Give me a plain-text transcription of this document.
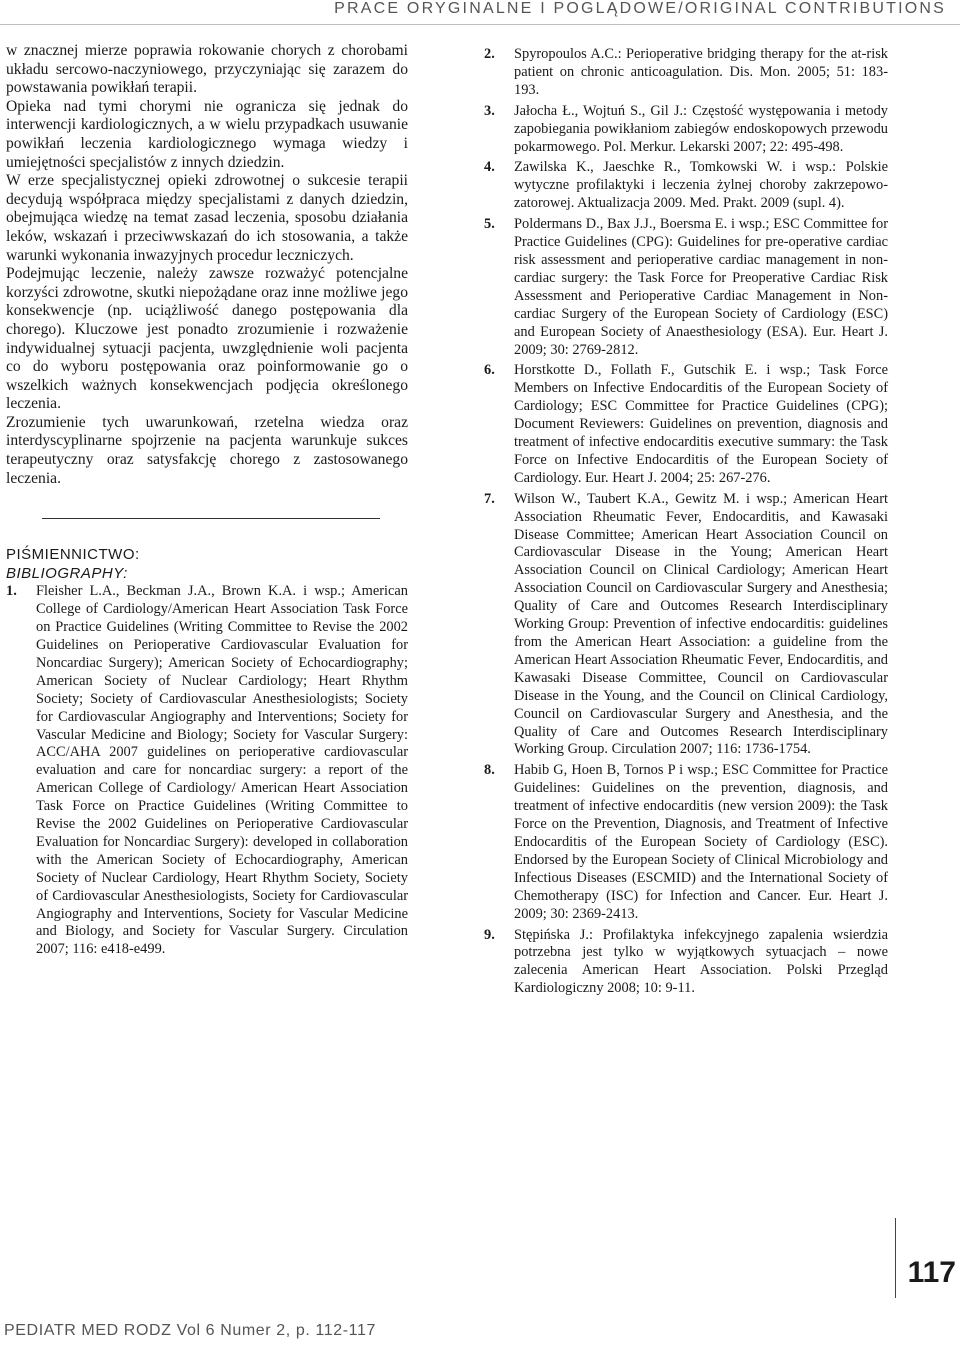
PRACE ORYGINALNE I POGLĄDOWE/ORIGINAL CONTRIBUTIONS

w znacznej mierze poprawia rokowanie chorych z chorobami układu sercowo-naczyniowego, przyczyniając się zarazem do powstawania powikłań terapii.

Opieka nad tymi chorymi nie ogranicza się jednak do interwencji kardiologicznych, a w wielu przypadkach usuwanie powikłań leczenia kardiologicznego wymaga wiedzy i umiejętności specjalistów z innych dziedzin.

W erze specjalistycznej opieki zdrowotnej o sukcesie terapii decydują współpraca między specjalistami z danych dziedzin, obejmująca wiedzę na temat zasad leczenia, sposobu działania leków, wskazań i przeciwwskazań do ich stosowania, a także warunki wykonania inwazyjnych procedur leczniczych.

Podejmując leczenie, należy zawsze rozważyć potencjalne korzyści zdrowotne, skutki niepożądane oraz inne możliwe jego konsekwencje (np. uciążliwość danego postępowania dla chorego). Kluczowe jest ponadto zrozumienie i rozważenie indywidualnej sytuacji pacjenta, uwzględnienie woli pacjenta co do wyboru postępowania oraz poinformowanie go o wszelkich ważnych konsekwencjach podjęcia określonego leczenia.

Zrozumienie tych uwarunkowań, rzetelna wiedza oraz interdyscyplinarne spojrzenie na pacjenta warunkuje sukces terapeutyczny oraz satysfakcję chorego z zastosowanego leczenia.

PIŚMIENNICTWO:
BIBLIOGRAPHY:
1.	Fleisher L.A., Beckman J.A., Brown K.A. i wsp.; American College of Cardiology/American Heart Association Task Force on Practice Guidelines (Writing Committee to Revise the 2002 Guidelines on Perioperative Cardiovascular Evaluation for Noncardiac Surgery); American Society of Echocardiography; American Society of Nuclear Cardiology; Heart Rhythm Society; Society of Cardiovascular Anesthesiologists; Society for Cardiovascular Angiography and Interventions; Society for Vascular Medicine and Biology; Society for Vascular Surgery: ACC/AHA 2007 guidelines on perioperative cardiovascular evaluation and care for noncardiac surgery: a report of the American College of Cardiology/ American Heart Association Task Force on Practice Guidelines (Writing Committee to Revise the 2002 Guidelines on Perioperative Cardiovascular Evaluation for Noncardiac Surgery): developed in collaboration with the American Society of Echocardiography, American Society of Nuclear Cardiology, Heart Rhythm Society, Society of Cardiovascular Anesthesiologists, Society for Cardiovascular Angiography and Interventions, Society for Vascular Medicine and Biology, and Society for Vascular Surgery. Circulation 2007; 116: e418-e499.
2.	Spyropoulos A.C.: Perioperative bridging therapy for the at-risk patient on chronic anticoagulation. Dis. Mon. 2005; 51: 183-193.
3.	Jałocha Ł., Wojtuń S., Gil J.: Częstość występowania i metody zapobiegania powikłaniom zabiegów endoskopowych przewodu pokarmowego. Pol. Merkur. Lekarski 2007; 22: 495-498.
4.	Zawilska K., Jaeschke R., Tomkowski W. i wsp.: Polskie wytyczne profilaktyki i leczenia żylnej choroby zakrzepowo-zatorowej. Aktualizacja 2009. Med. Prakt. 2009 (supl. 4).
5.	Poldermans D., Bax J.J., Boersma E. i wsp.; ESC Committee for Practice Guidelines (CPG): Guidelines for pre-operative cardiac risk assessment and perioperative cardiac management in non-cardiac surgery: the Task Force for Preoperative Cardiac Risk Assessment and Perioperative Cardiac Management in Non-cardiac Surgery of the European Society of Cardiology (ESC) and European Society of Anaesthesiology (ESA). Eur. Heart J. 2009; 30: 2769-2812.
6.	Horstkotte D., Follath F., Gutschik E. i wsp.; Task Force Members on Infective Endocarditis of the European Society of Cardiology; ESC Committee for Practice Guidelines (CPG); Document Reviewers: Guidelines on prevention, diagnosis and treatment of infective endocarditis executive summary: the Task Force on Infective Endocarditis of the European Society of Cardiology. Eur. Heart J. 2004; 25: 267-276.
7.	Wilson W., Taubert K.A., Gewitz M. i wsp.; American Heart Association Rheumatic Fever, Endocarditis, and Kawasaki Disease Committee; American Heart Association Council on Cardiovascular Disease in the Young; American Heart Association Council on Clinical Cardiology; American Heart Association Council on Cardiovascular Surgery and Anesthesia; Quality of Care and Outcomes Research Interdisciplinary Working Group: Prevention of infective endocarditis: guidelines from the American Heart Association: a guideline from the American Heart Association Rheumatic Fever, Endocarditis, and Kawasaki Disease Committee, Council on Cardiovascular Disease in the Young, and the Council on Clinical Cardiology, Council on Cardiovascular Surgery and Anesthesia, and the Quality of Care and Outcomes Research Interdisciplinary Working Group. Circulation 2007; 116: 1736-1754.
8.	Habib G, Hoen B, Tornos P i wsp.; ESC Committee for Practice Guidelines: Guidelines on the prevention, diagnosis, and treatment of infective endocarditis (new version 2009): the Task Force on the Prevention, Diagnosis, and Treatment of Infective Endocarditis of the European Society of Cardiology (ESC). Endorsed by the European Society of Clinical Microbiology and Infectious Diseases (ESCMID) and the International Society of Chemotherapy (ISC) for Infection and Cancer. Eur. Heart J. 2009; 30: 2369-2413.
9.	Stępińska J.: Profilaktyka infekcyjnego zapalenia wsierdzia potrzebna jest tylko w wyjątkowych sytuacjach – nowe zalecenia American Heart Association. Polski Przegląd Kardiologiczny 2008; 10: 9-11.
117
PEDIATR MED RODZ Vol 6 Numer 2, p. 112-117
